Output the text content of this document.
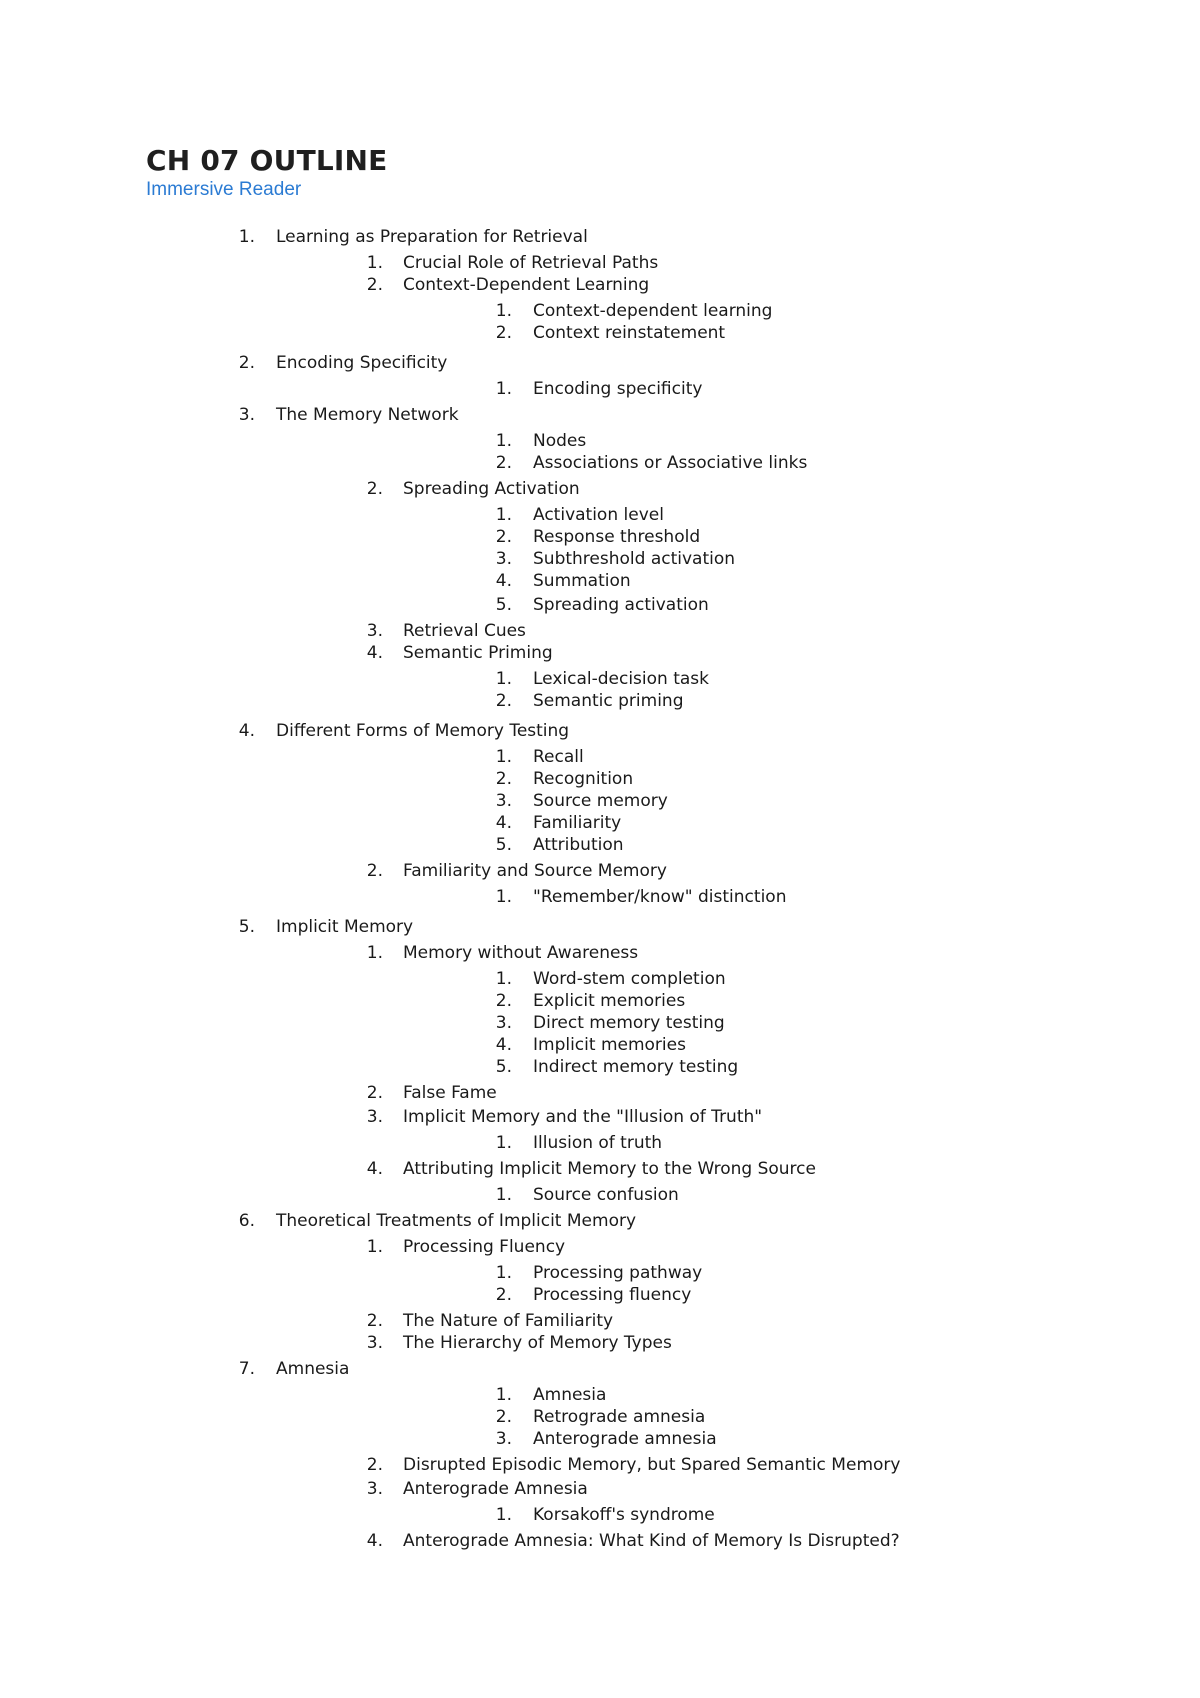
CH 07 OUTLINE
Immersive Reader
1. Learning as Preparation for Retrieval
1. Crucial Role of Retrieval Paths
2. Context-Dependent Learning
1. Context-dependent learning
2. Context reinstatement
2. Encoding Specificity
1. Encoding specificity
3. The Memory Network
1. Nodes
2. Associations or Associative links
2. Spreading Activation
1. Activation level
2. Response threshold
3. Subthreshold activation
4. Summation
5. Spreading activation
3. Retrieval Cues
4. Semantic Priming
1. Lexical-decision task
2. Semantic priming
4. Different Forms of Memory Testing
1. Recall
2. Recognition
3. Source memory
4. Familiarity
5. Attribution
2. Familiarity and Source Memory
1. "Remember/know" distinction
5. Implicit Memory
1. Memory without Awareness
1. Word-stem completion
2. Explicit memories
3. Direct memory testing
4. Implicit memories
5. Indirect memory testing
2. False Fame
3. Implicit Memory and the "Illusion of Truth"
1. Illusion of truth
4. Attributing Implicit Memory to the Wrong Source
1. Source confusion
6. Theoretical Treatments of Implicit Memory
1. Processing Fluency
1. Processing pathway
2. Processing fluency
2. The Nature of Familiarity
3. The Hierarchy of Memory Types
7. Amnesia
1. Amnesia
2. Retrograde amnesia
3. Anterograde amnesia
2. Disrupted Episodic Memory, but Spared Semantic Memory
3. Anterograde Amnesia
1. Korsakoff's syndrome
4. Anterograde Amnesia: What Kind of Memory Is Disrupted?
